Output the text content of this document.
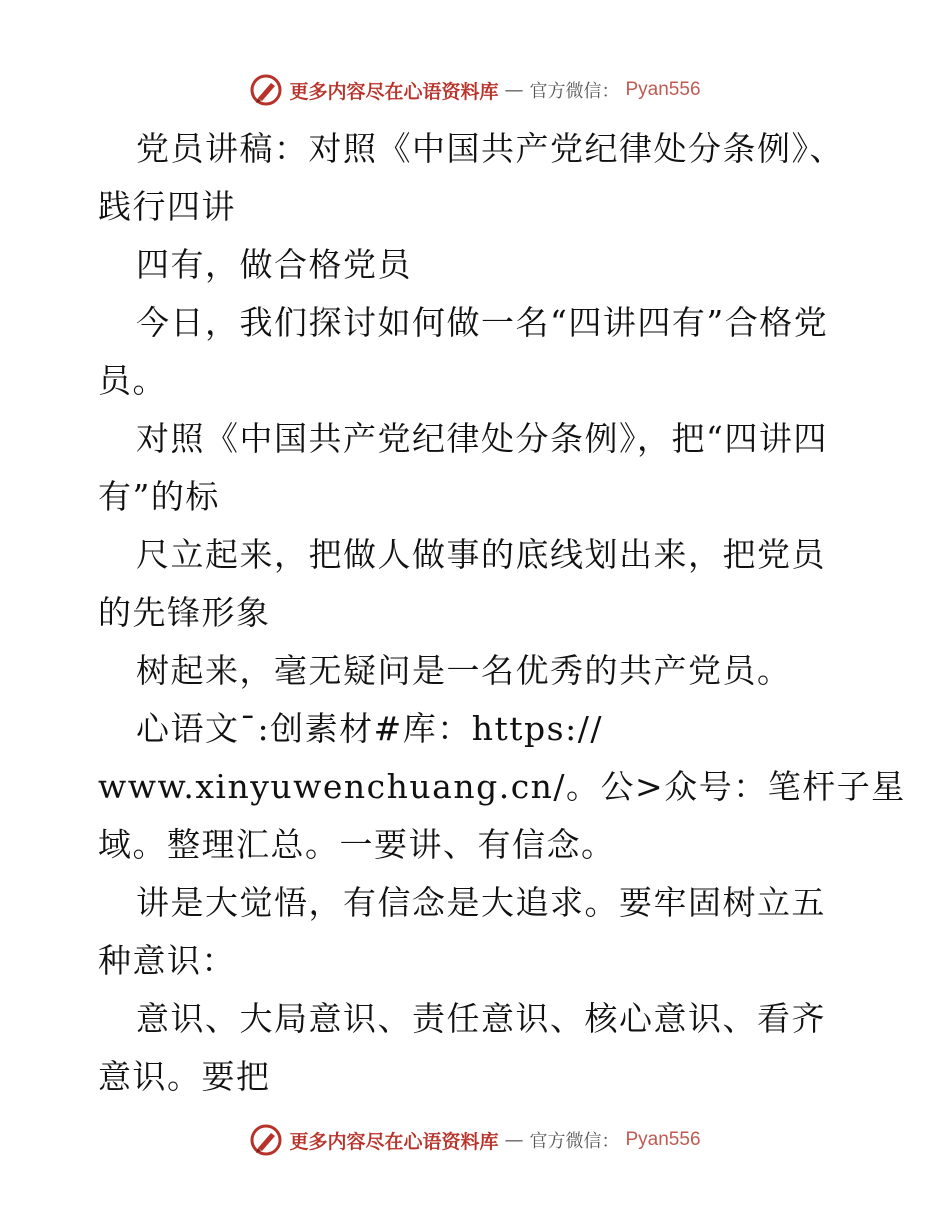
更多内容尽在心语资料库 — 官方微信： Pyan556

党员讲稿：对照《中国共产党纪律处分条例》、践行四讲

四有，做合格党员

今日，我们探讨如何做一名“四讲四有”合格党员。

对照《中国共产党纪律处分条例》，把“四讲四有”的标

尺立起来，把做人做事的底线划出来，把党员的先锋形象

树起来，毫无疑问是一名优秀的共产党员。

心语文¯:创素材#库：https://
www.xinyuwenchuang.cn/。公>众号：笔杆子星
域。整理汇总。一要讲、有信念。

讲是大觉悟，有信念是大追求。要牢固树立五种意识：

意识、大局意识、责任意识、核心意识、看齐意识。要把

更多内容尽在心语资料库 — 官方微信： Pyan556
